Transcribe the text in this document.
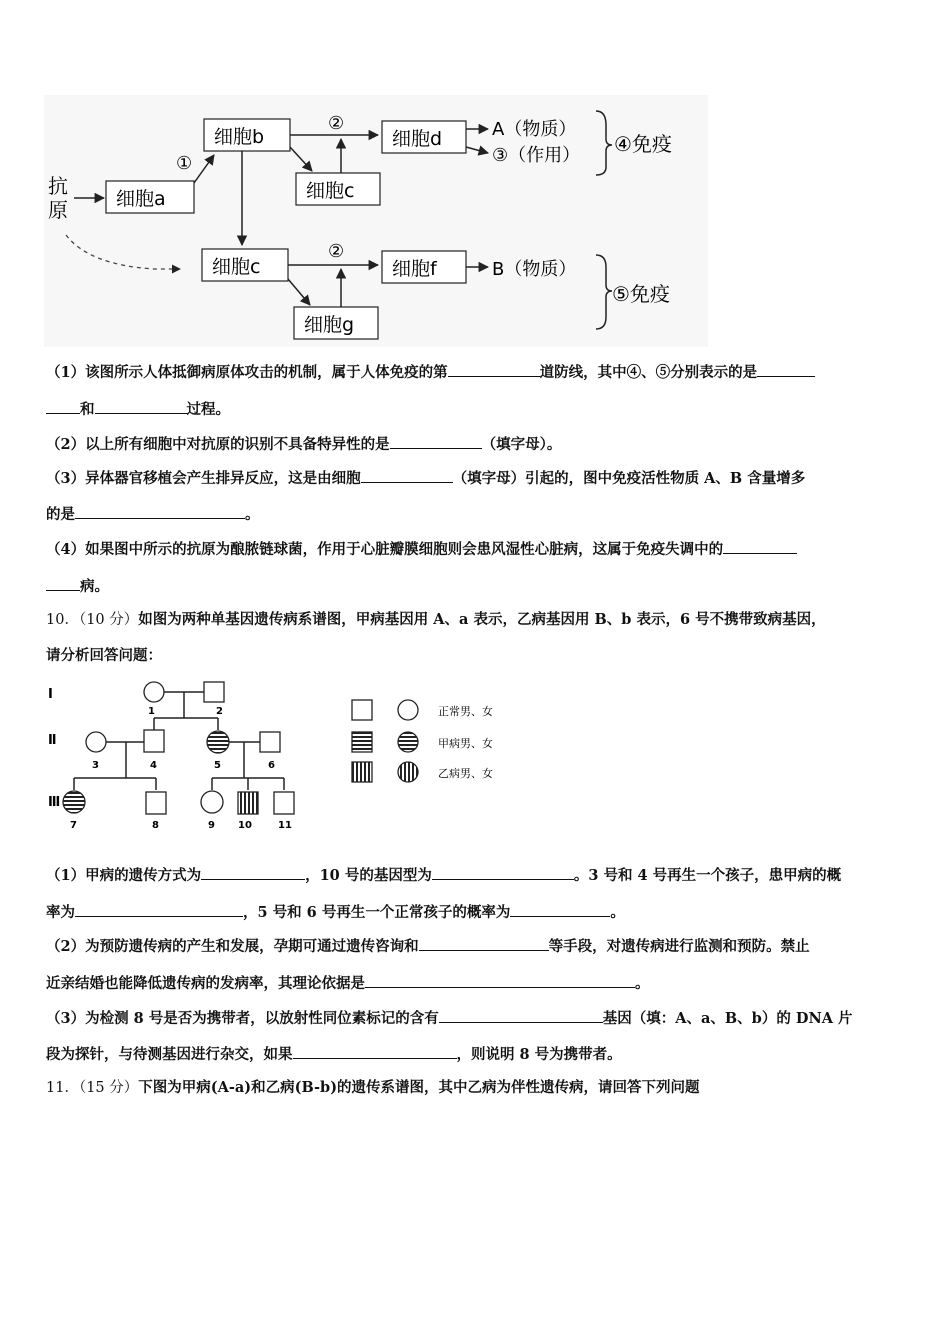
抗
原	细胞a
①
细胞b
②
细胞c
细胞d	A（物质）
③（作用） ④免疫
细胞c
②
细胞g
细胞f	B（物质）
⑤免疫
（1）该图所示人体抵御病原体攻击的机制，属于人体免疫的第	道防线，其中④、⑤分别表示的是
和	过程。
（2）以上所有细胞中对抗原的识别不具备特异性的是	（填字母）。
（3）异体器官移植会产生排异反应，这是由细胞	（填字母）引起的，图中免疫活性物质 A、B 含量增多
的是	。
（4）如果图中所示的抗原为酿脓链球菌，作用于心脏瓣膜细胞则会患风湿性心脏病，这属于免疫失调中的
病。
10．（10 分）如图为两种单基因遗传病系谱图，甲病基因用 A、a 表示，乙病基因用 B、b 表示，6 号不携带致病基因，
请分析回答问题：
Ⅰ
Ⅱ
Ⅲ
1	2
3	4	5	6
7	8	9 10	11
正常男、女
甲病男、女
乙病男、女
（1）甲病的遗传方式为	，10 号的基因型为	。3 号和 4 号再生一个孩子，患甲病的概
率为	，5 号和 6 号再生一个正常孩子的概率为	。
（2）为预防遗传病的产生和发展，孕期可通过遗传咨询和	等手段，对遗传病进行监测和预防。禁止
近亲结婚也能降低遗传病的发病率，其理论依据是	。
（3）为检测 8 号是否为携带者，以放射性同位素标记的含有	基因（填：A、a、B、b）的 DNA 片
段为探针，与待测基因进行杂交，如果	，则说明 8 号为携带者。
11．（15 分）下图为甲病(A-a)和乙病(B-b)的遗传系谱图，其中乙病为伴性遗传病，请回答下列问题
